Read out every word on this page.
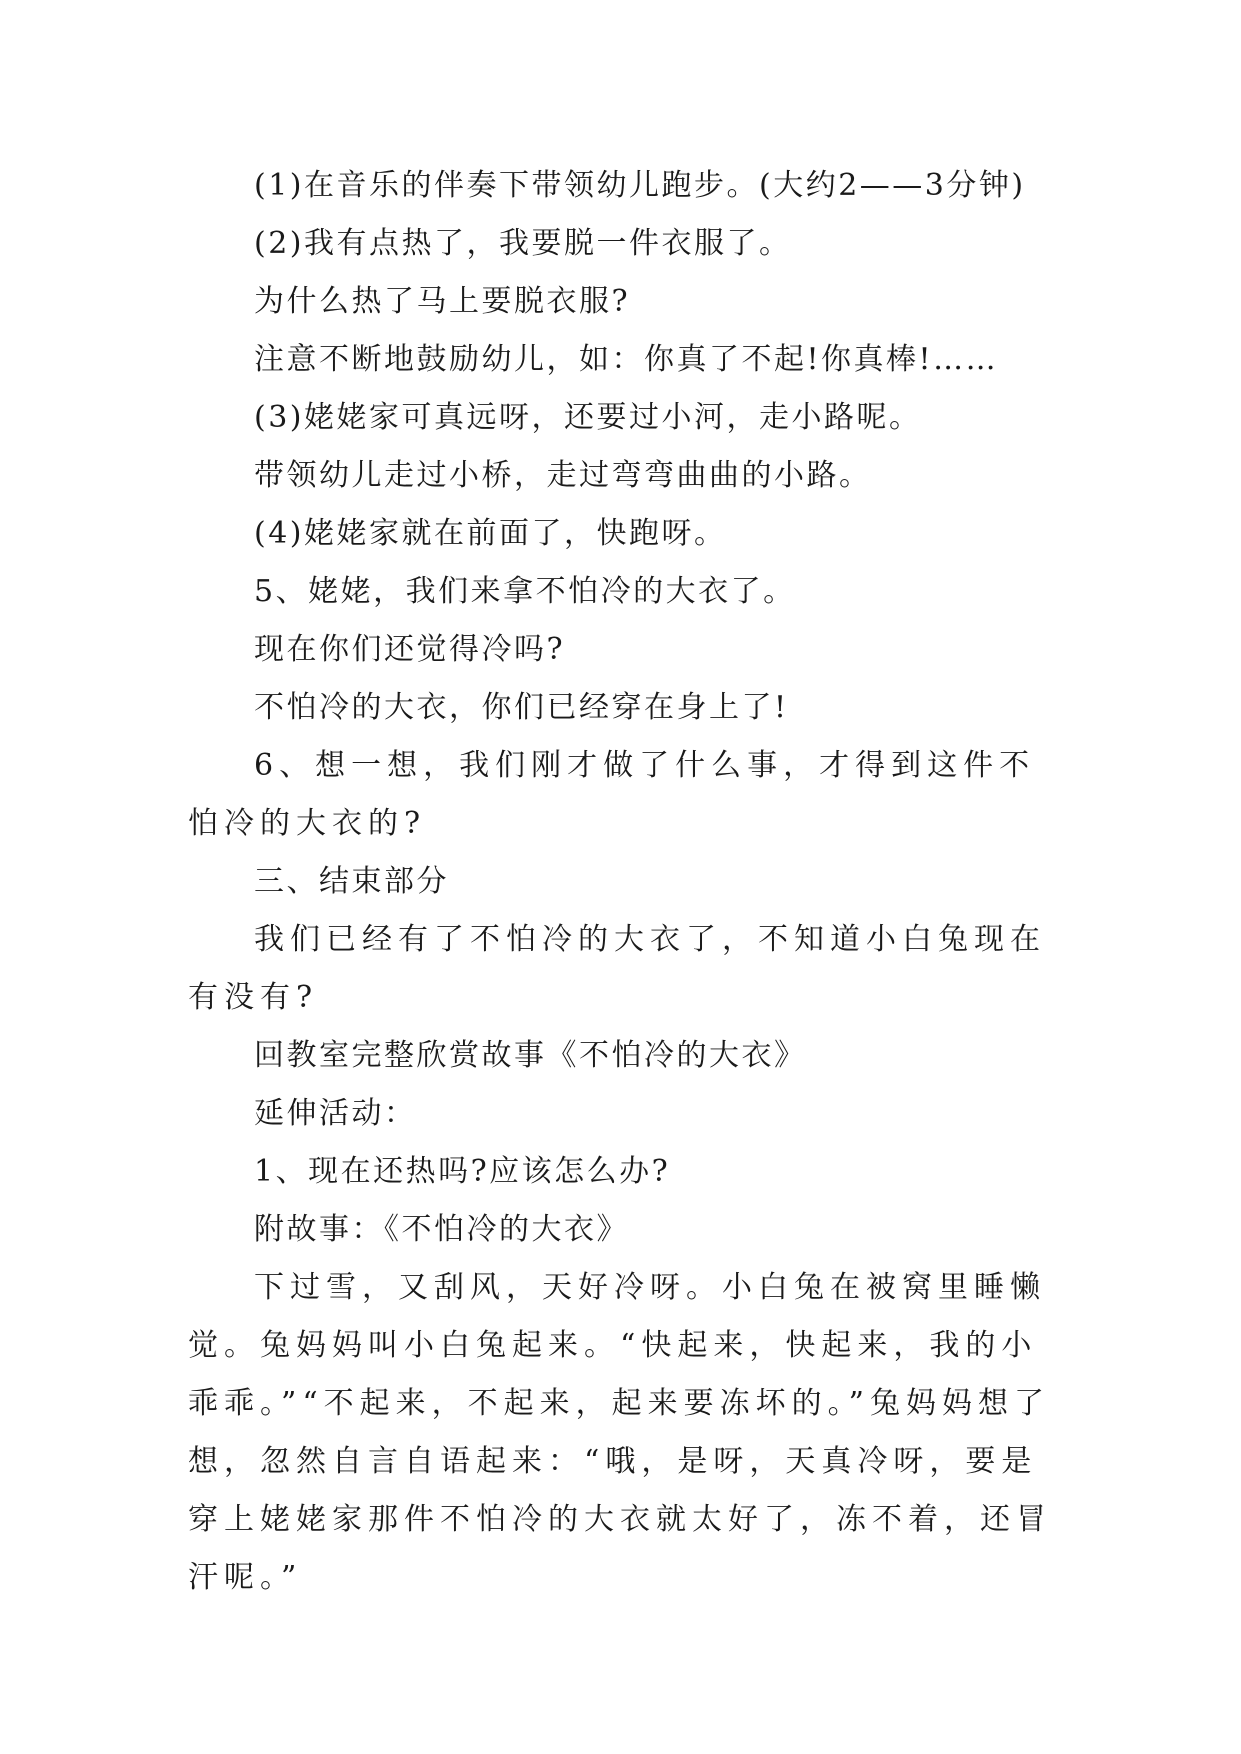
(1)在音乐的伴奏下带领幼儿跑步。(大约2——3分钟)

(2)我有点热了，我要脱一件衣服了。

为什么热了马上要脱衣服?

注意不断地鼓励幼儿，如：你真了不起!你真棒!……

(3)姥姥家可真远呀，还要过小河，走小路呢。

带领幼儿走过小桥，走过弯弯曲曲的小路。

(4)姥姥家就在前面了，快跑呀。

5、姥姥，我们来拿不怕冷的大衣了。

现在你们还觉得冷吗?

不怕冷的大衣，你们已经穿在身上了!

6、想一想，我们刚才做了什么事，才得到这件不怕冷的大衣的?

三、结束部分

我们已经有了不怕冷的大衣了，不知道小白兔现在有没有?

回教室完整欣赏故事《不怕冷的大衣》

延伸活动：

1、现在还热吗?应该怎么办?

附故事：《不怕冷的大衣》

下过雪，又刮风，天好冷呀。小白兔在被窝里睡懒觉。兔妈妈叫小白兔起来。“快起来，快起来，我的小乖乖。”“不起来，不起来，起来要冻坏的。”兔妈妈想了想，忽然自言自语起来：“哦，是呀，天真冷呀，要是穿上姥姥家那件不怕冷的大衣就太好了，冻不着，还冒汗呢。”
